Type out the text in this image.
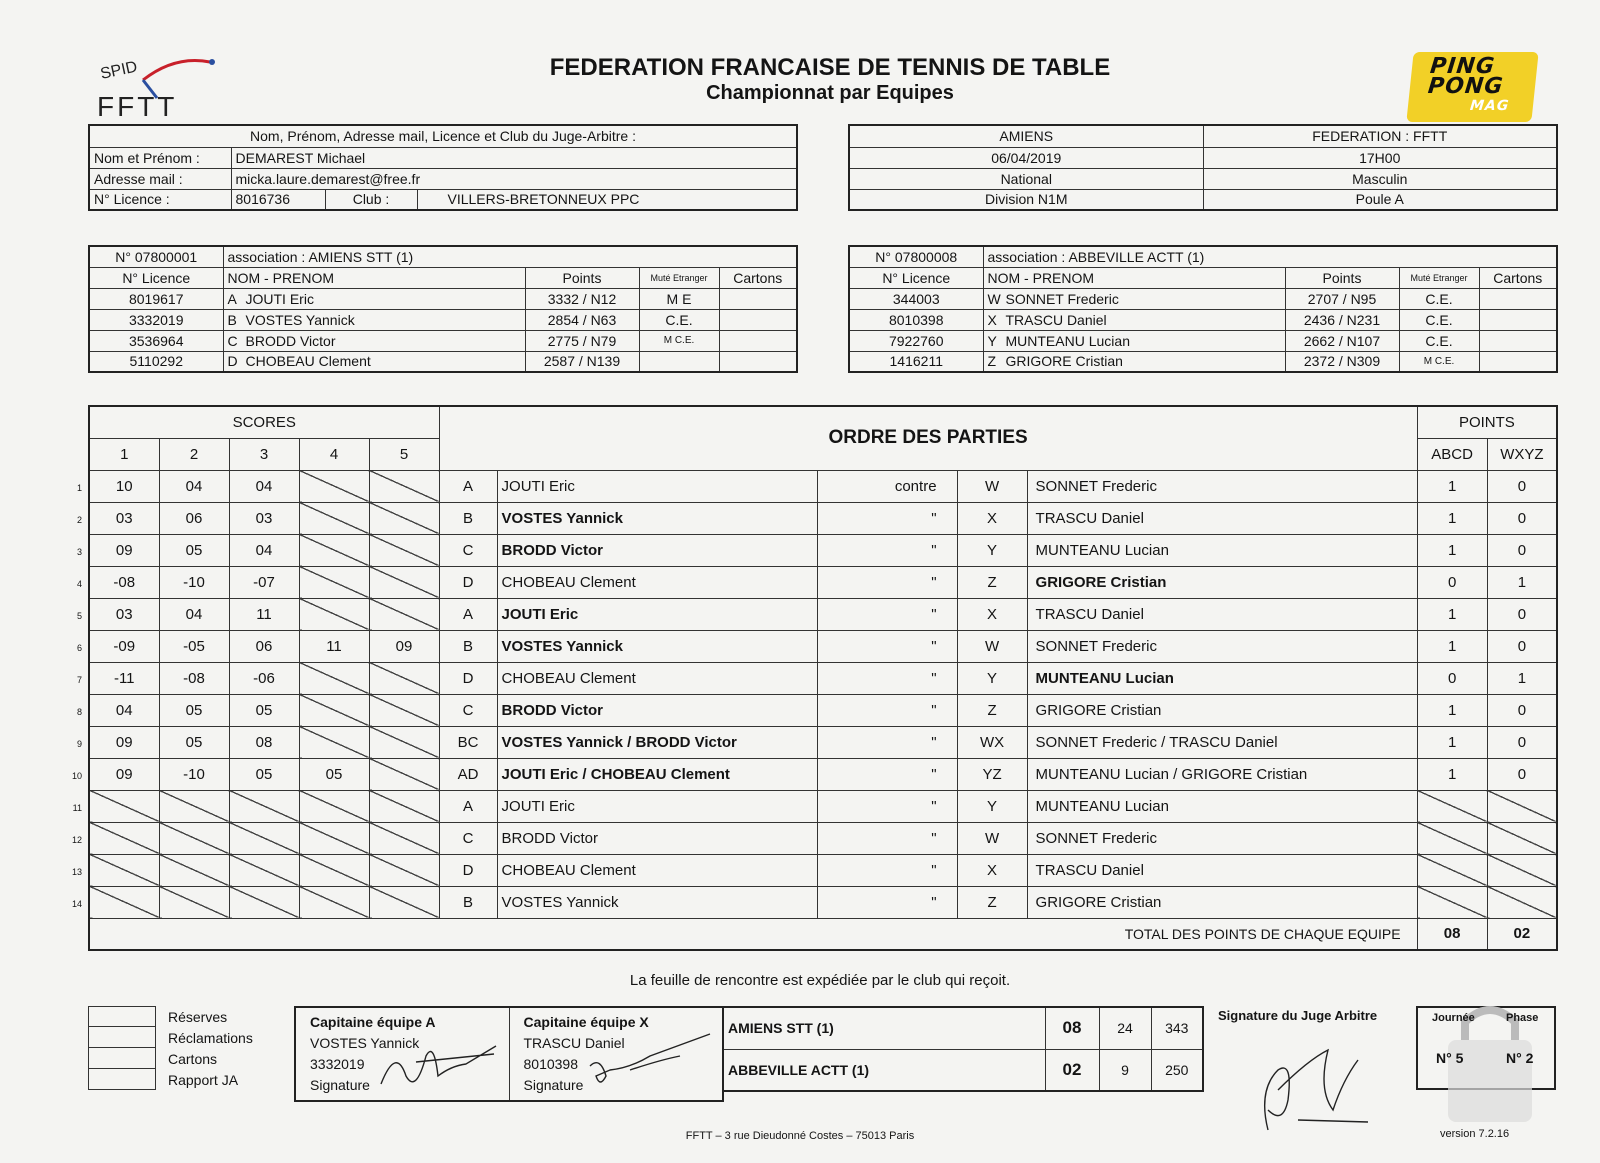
SPID
FFTT
FEDERATION FRANCAISE DE TENNIS DE TABLE
Championnat par Equipes
PING
PONG
MAG
Nom, Prénom, Adresse mail, Licence et Club du Juge-Arbitre :			
Nom et Prénom :	DEMAREST Michael		
Adresse mail :	micka.laure.demarest@free.fr		
N° Licence :	8016736	Club :	VILLERS-BRETONNEUX PPC
AMIENS	FEDERATION : FFTT
06/04/2019	17H00
National	Masculin
Division N1M	Poule A
N° 07800001	association : AMIENS STT (1)			
N° Licence	NOM - PRENOM	Points	Muté Etranger	Cartons
8019617	A JOUTI Eric	3332 / N12	M E	
3332019	B VOSTES Yannick	2854 / N63	C.E.	
3536964	C BRODD Victor	2775 / N79	M C.E.	
5110292	D CHOBEAU Clement	2587 / N139		
N° 07800008	association : ABBEVILLE ACTT (1)			
N° Licence	NOM - PRENOM	Points	Muté Etranger	Cartons
344003	W SONNET Frederic	2707 / N95	C.E.	
8010398	X TRASCU Daniel	2436 / N231	C.E.	
7922760	Y MUNTEANU Lucian	2662 / N107	C.E.	
1416211	Z GRIGORE Cristian	2372 / N309	M C.E.	
SCORES					ORDRE DES PARTIES					POINTS	
1	2	3	4	5						ABCD	WXYZ
10	04	04			A	JOUTI Eric	contre	W	SONNET Frederic	1	0
03	06	03			B	VOSTES Yannick	"	X	TRASCU Daniel	1	0
09	05	04			C	BRODD Victor	"	Y	MUNTEANU Lucian	1	0
-08	-10	-07			D	CHOBEAU Clement	"	Z	GRIGORE Cristian	0	1
03	04	11			A	JOUTI Eric	"	X	TRASCU Daniel	1	0
-09	-05	06	11	09	B	VOSTES Yannick	"	W	SONNET Frederic	1	0
-11	-08	-06			D	CHOBEAU Clement	"	Y	MUNTEANU Lucian	0	1
04	05	05			C	BRODD Victor	"	Z	GRIGORE Cristian	1	0
09	05	08			BC	VOSTES Yannick / BRODD Victor	"	WX	SONNET Frederic / TRASCU Daniel	1	0
09	-10	05	05		AD	JOUTI Eric / CHOBEAU Clement	"	YZ	MUNTEANU Lucian / GRIGORE Cristian	1	0
					A	JOUTI Eric	"	Y	MUNTEANU Lucian		
					C	BRODD Victor	"	W	SONNET Frederic		
					D	CHOBEAU Clement	"	X	TRASCU Daniel		
					B	VOSTES Yannick	"	Z	GRIGORE Cristian		
TOTAL DES POINTS DE CHAQUE EQUIPE										08	02
1
2
3
4
5
6
7
8
9
10
11
12
13
14
La feuille de rencontre est expédiée par le club qui reçoit.
Réserves
Réclamations
Cartons
Rapport JA
Capitaine équipe A
VOSTES Yannick
3332019
Signature

Capitaine équipe X
TRASCU Daniel
8010398
Signature
AMIENS STT (1)	08	24	343
ABBEVILLE ACTT (1)	02	9	250
Signature du Juge Arbitre	Journée	Phase
N° 5	N° 2
FFTT – 3 rue Dieudonné Costes – 75013 Paris	version 7.2.16
